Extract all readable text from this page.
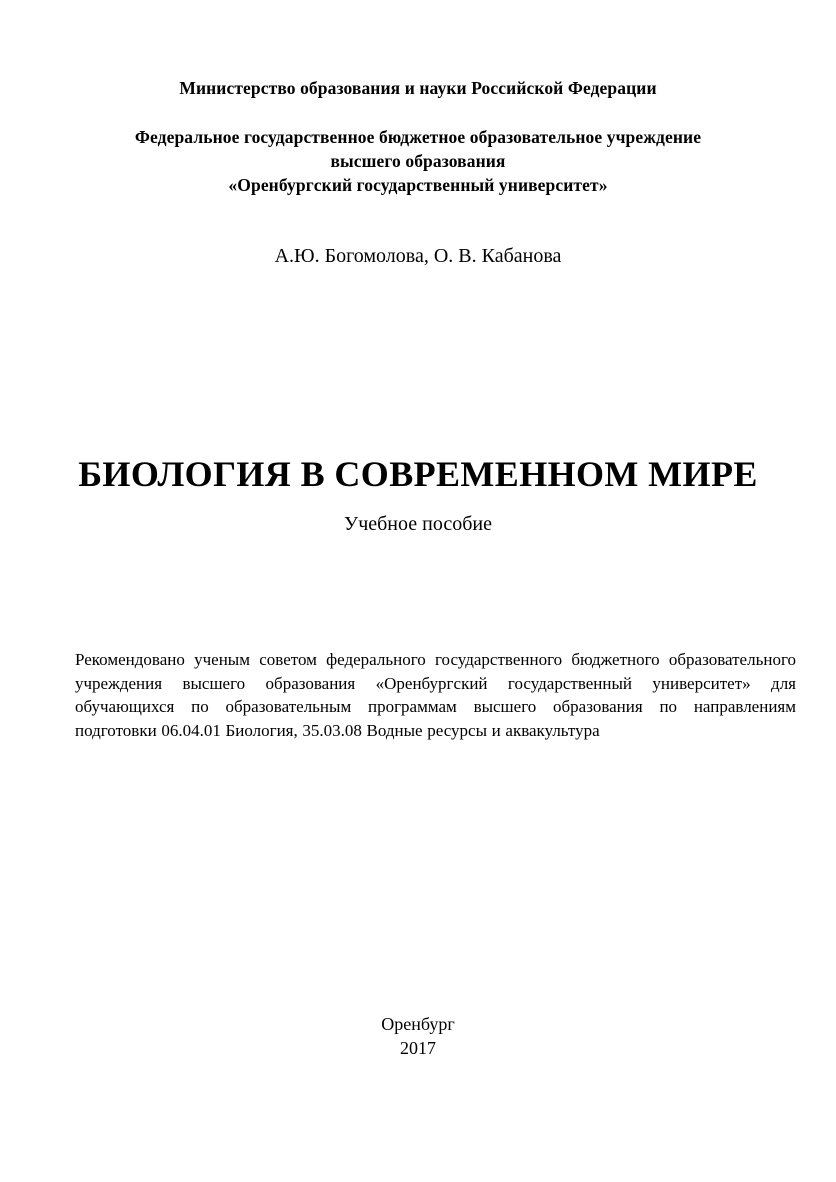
Министерство образования и науки Российской Федерации
Федеральное государственное бюджетное образовательное учреждение
высшего образования
«Оренбургский государственный университет»
А.Ю. Богомолова, О. В. Кабанова
БИОЛОГИЯ В СОВРЕМЕННОМ МИРЕ
Учебное пособие

Рекомендовано ученым советом федерального государственного бюджетного образовательного учреждения высшего образования «Оренбургский государственный университет» для обучающихся по образовательным программам высшего образования по направлениям подготовки 06.04.01 Биология, 35.03.08 Водные ресурсы и аквакультура

Оренбург
2017
